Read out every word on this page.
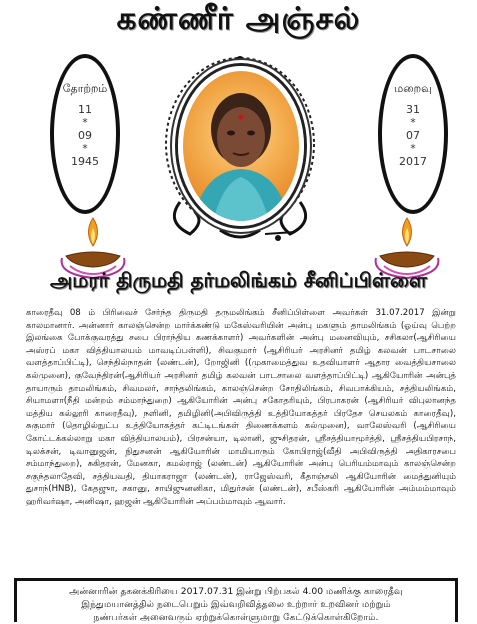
கண்ணீர் அஞ்சல்
தோற்றம்
11
*
09
*
1945
மறைவு
31
*
07
*
2017
அமரர் திருமதி தர்மலிங்கம் சீனிப்பிள்ளை

காரைதீவு 08 ம் பிரிவைச் சேர்ந்த திருமதி தருமலிங்கம் சீனிப்பிள்ளை அவர்கள் 31.07.2017 இன்று காலமானார். அன்னார் காலஞ்சென்ற மார்க்கண்டு மகேஸ்வரியின் அன்பு மகளும் தாமலிங்கம் (ஓய்வு பெற்ற இலங்கை போக்குவரத்து சபை பிராந்திய கணக்காளர்) அவர்களின் அன்பு மனைவியும், சசிகலா(ஆசிரியை அஸ்ரப் மகா வித்தியாலயம் மாவடிப்பள்ளி), சிவகுமார் (ஆசிரியர் அரசினர் தமிழ் கலவன் பாடசாலை வளத்தாப்பிட்டி), செந்தில்நாதன் (லண்டன்), றோஜினி ((முகாமைத்துவ உதவியாளர் ஆதார வைத்தியசாலை கல்முனை), குவேந்திரன்(ஆசிரியர் அரசினர் தமிழ் கலவன் பாடசாலை வளத்தாப்பிட்டி) ஆகியோரின் அன்புத் தாயாரும் தாமலிங்கம், சிவமலர், சாந்தலிங்கம், காலஞ்சென்ற சோதிலிங்கம், சிவபாக்கியம், சத்தியலிங்கம், சியாமளா(நீதி மன்றம் சம்மாந்துறை) ஆகியோரின் அன்பு சகோதரியும், பிரபாகரன் (ஆசிரியர் விபுலானந்த மத்திய கல்லூரி காரைதீவு), நளினி, தமிழினி(அபிவிருத்தி உத்தியோகத்தர் பிரதேச செயலகம் காரைதீவு), சுகுமார் (தொழில்நுட்ப உத்தியோகத்தர் கட்டிடங்கள் திணைக்களம் கல்முனை), வாலேஸ்வரி (ஆசிரியை கோட்டக்கல்லாறு மகா வித்தியாலயம்), பிரசன்யா, டிலானி, ஜுசிதரன், ஸ்ரீசத்தியாமூர்த்தி, ஸ்ரீசத்தியபிரசாந், டிலக்சன், டிவானுஜன், நிதுசனன் ஆகியோரின் மாமியாரும் கோபிராஜ்(வீதி அபிவிருத்தி அதிகாரசபை சம்மாந்துறை), சுகிதரன், மேனகா, கமல்ராஜ் (லண்டன்) ஆகியோரின் அன்பு பெரியம்மாவும் காலஞ்சென்ற சகுந்தலாதேவி, சத்தியவதி, தியாகராஜா (லண்டன்), ராஜேஸ்வரி, கீதாஞ்சலி ஆகியோரின் மைத்துனியும் துசாந்(HNB), கேதஜுா, சகானு, சாயிஜுனனிகா, மிதுர்சன் (லண்டன்), சபீஸ்கரி ஆகியோரின் அம்மம்மாவும் ஹரிவர்ஷா, அனிஷா, ஹஜன் ஆகியோரின் அப்பம்மாவும் ஆவார்.

அன்னாரின் தகனக்கிரியை 2017.07.31 இன்று பிற்பகல் 4.00 மணிக்கு காரைதீவு
இந்துமயானத்தில் நடைபெறும் இவ்வறிவித்தலை உற்றார் உறவினர் மற்றும்
நண்பர்கள் அனைவரும் ஏற்றுக்கொள்ளுமாறு கேட்டுக்கொள்கிறோம்.
